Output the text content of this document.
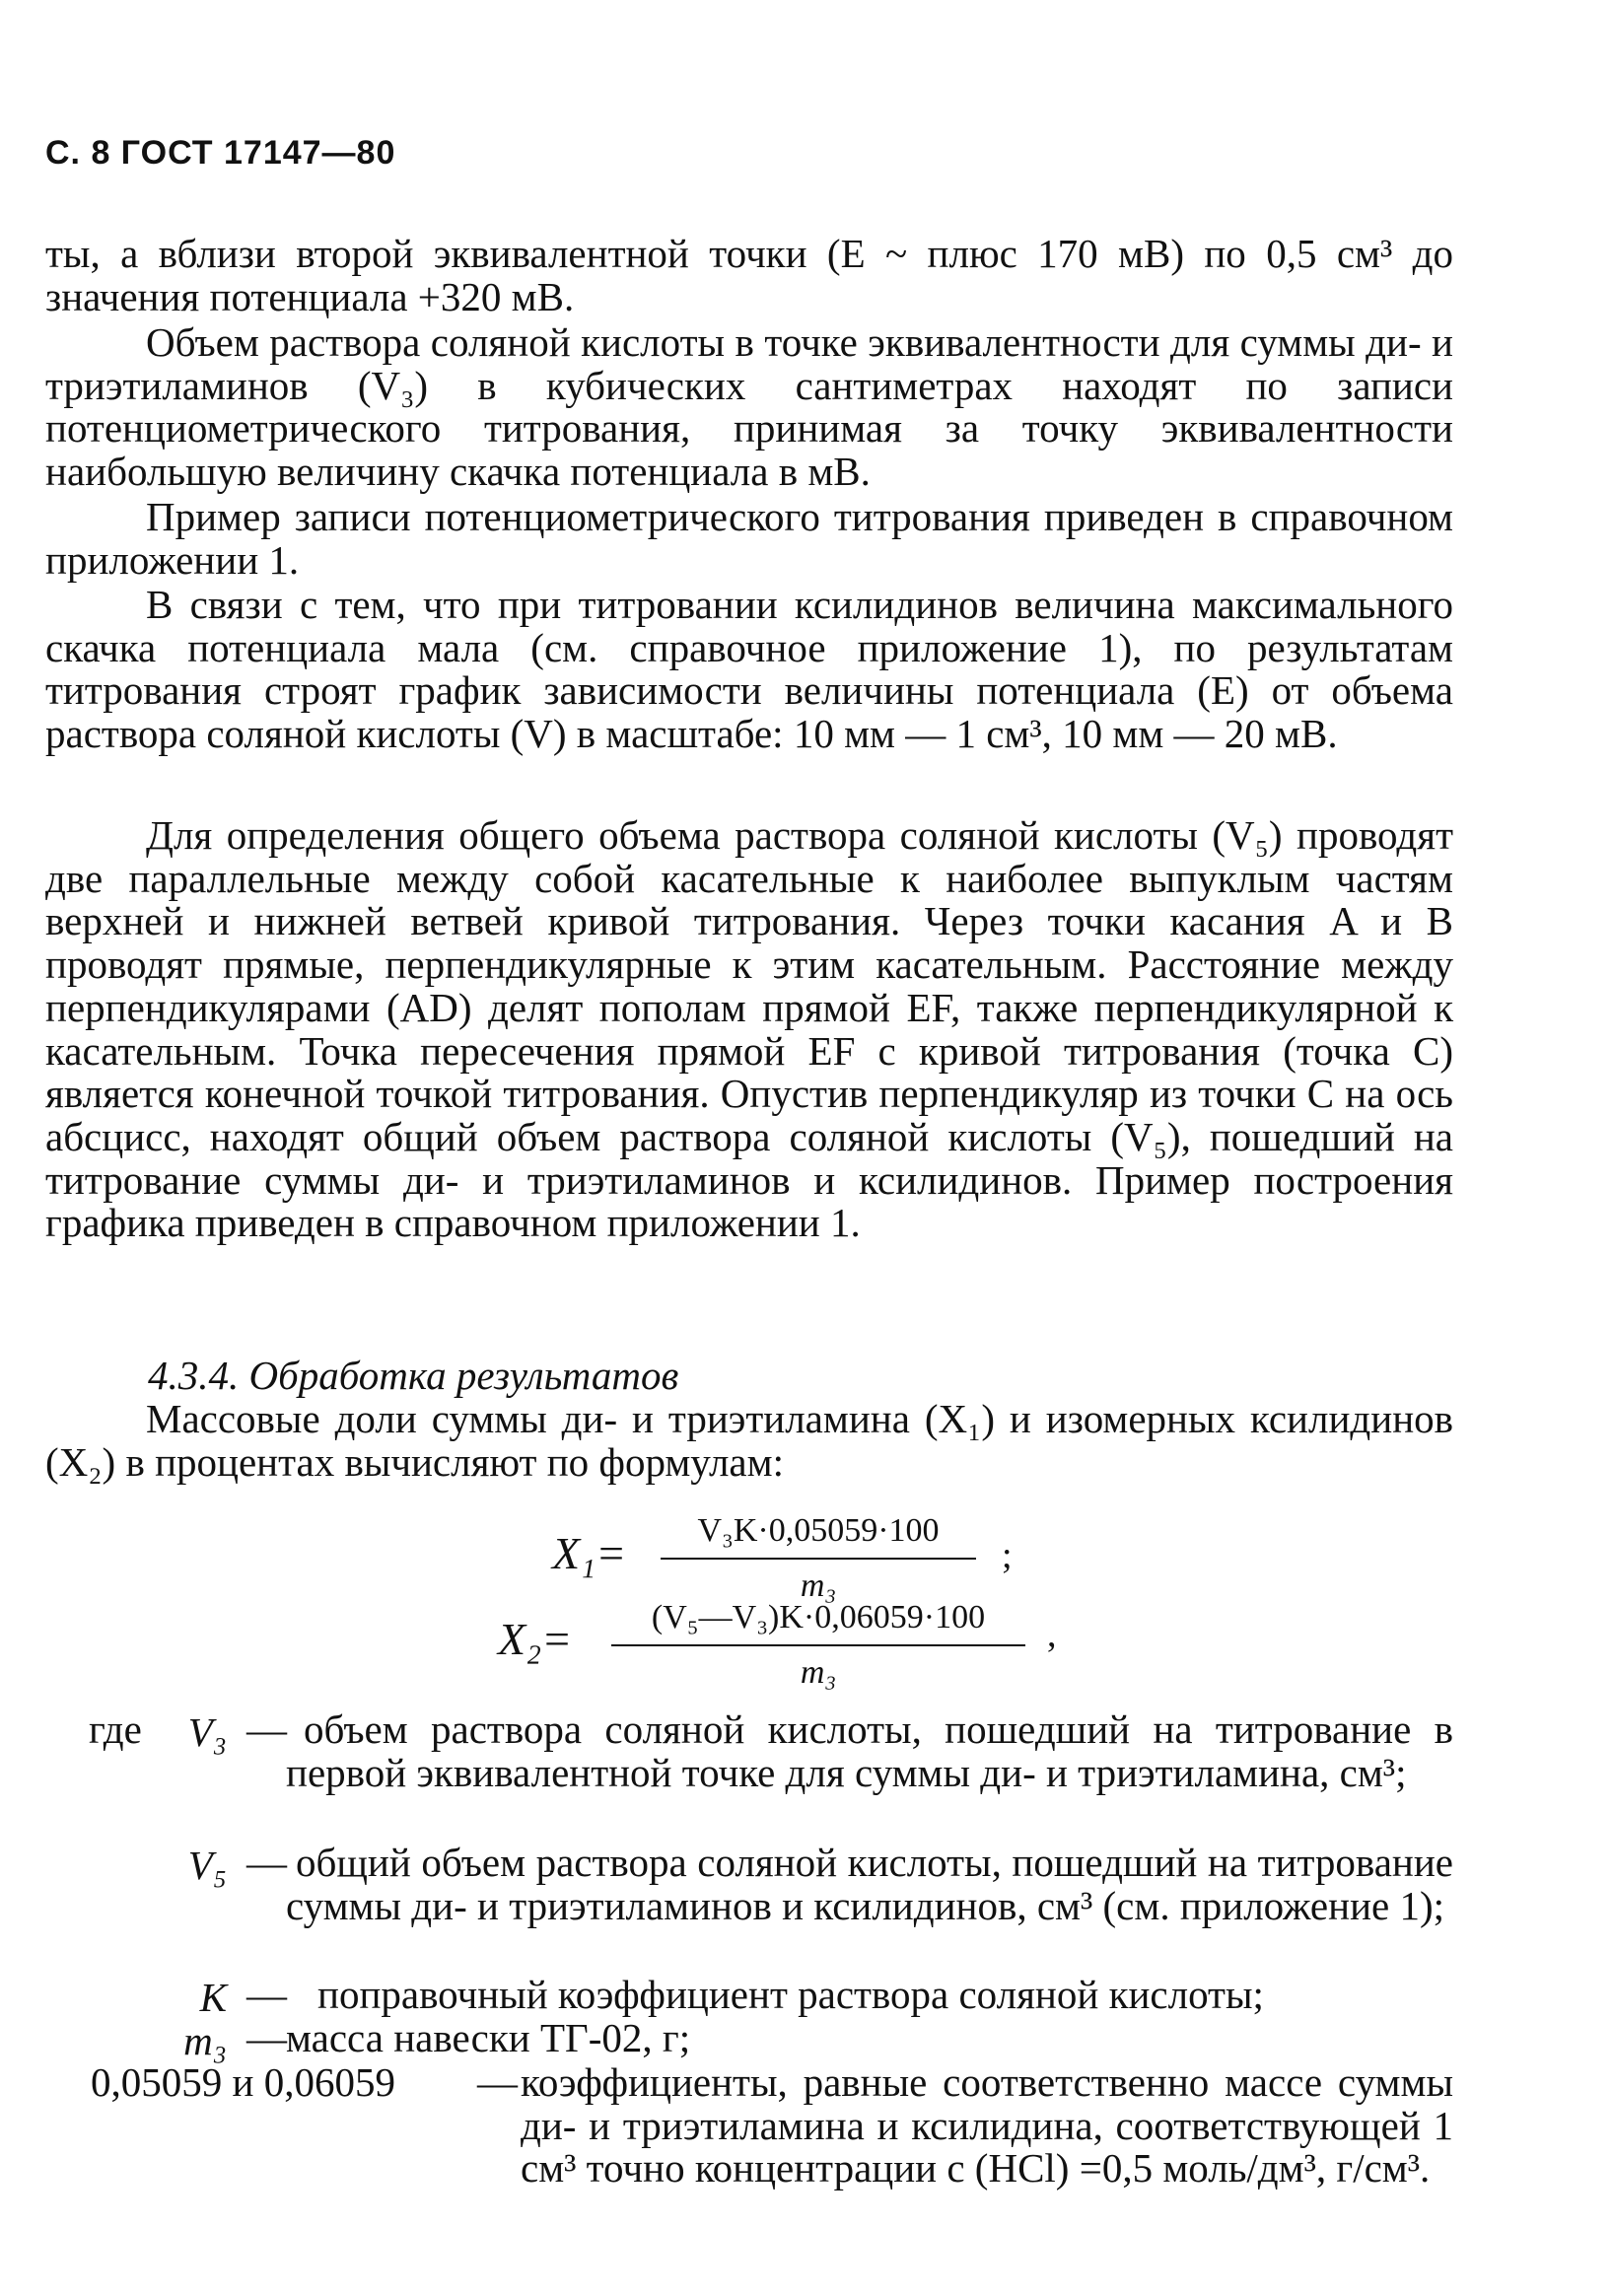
С. 8 ГОСТ 17147—80
ты, а вблизи второй эквивалентной точки (E ~ плюс 170 мВ) по 0,5 см³ до значения потенциала +320 мВ.
Объем раствора соляной кислоты в точке эквивалентности для суммы ди- и триэтиламинов (V₃) в кубических сантиметрах находят по записи потенциометрического титрования, принимая за точку эквивалентности наибольшую величину скачка потенциала в мВ.
Пример записи потенциометрического титрования приведен в справочном приложении 1.
В связи с тем, что при титровании ксилидинов величина максимального скачка потенциала мала (см. справочное приложение 1), по результатам титрования строят график зависимости величины потенциала (E) от объема раствора соляной кислоты (V) в масштабе: 10 мм — 1 см³, 10 мм — 20 мВ.
Для определения общего объема раствора соляной кислоты (V₅) проводят две параллельные между собой касательные к наиболее выпуклым частям верхней и нижней ветвей кривой титрования. Через точки касания A и B проводят прямые, перпендикулярные к этим касательным. Расстояние между перпендикулярами (AD) делят пополам прямой EF, также перпендикулярной к касательным. Точка пересечения прямой EF с кривой титрования (точка C) является конечной точкой титрования. Опустив перпендикуляр из точки C на ось абсцисс, находят общий объем раствора соляной кислоты (V₅), пошедший на титрование суммы ди- и триэтиламинов и ксилидинов. Пример построения графика приведен в справочном приложении 1.
4.3.4. Обработка результатов
Массовые доли суммы ди- и триэтиламина (X₁) и изомерных ксилидинов (X₂) в процентах вычисляют по формулам:
X₁=	V₃K·0,05059·100
m₃
;
X₂=	(V₅—V₃)K·0,06059·100
m₃
,
где	V₃ — объем раствора соляной кислоты, пошедший на титрование в первой эквивалентной точке для суммы ди- и триэтиламина, см³;
V₅ — общий объем раствора соляной кислоты, пошедший на титрование суммы ди- и триэтиламинов и ксилидинов, см³ (см. приложение 1);
K — поправочный коэффициент раствора соляной кислоты;
m₃ — масса навески ТГ-02, г;
0,05059 и 0,06059 — коэффициенты, равные соответственно массе суммы ди- и триэтиламина и ксилидина, соответствующей 1 см³ точно концентрации c (HCl) =0,5 моль/дм³, г/см³.
